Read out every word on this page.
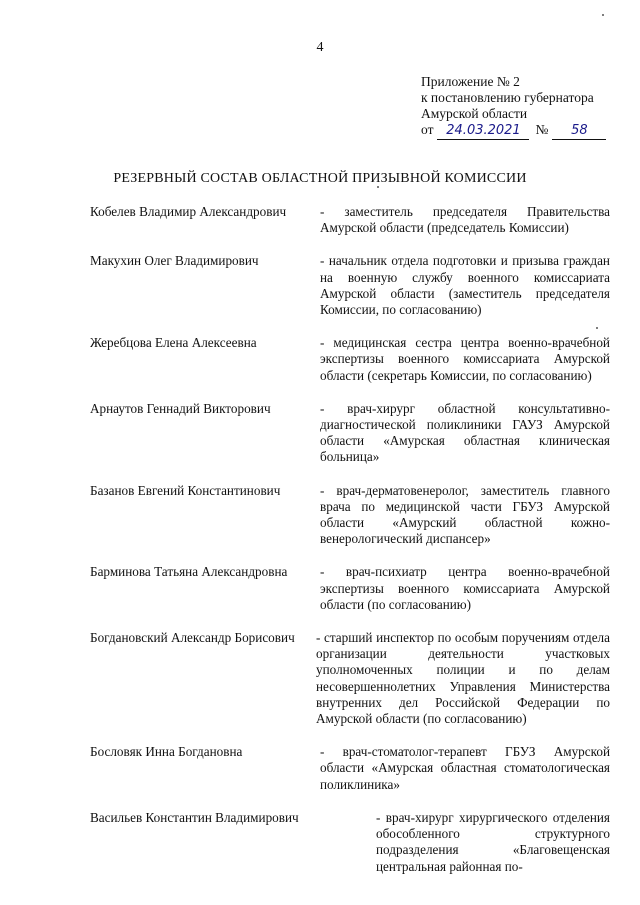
4
Приложение № 2
к постановлению губернатора
Амурской области
от 24.03.2021	№	58
РЕЗЕРВНЫЙ СОСТАВ ОБЛАСТНОЙ ПРИЗЫВНОЙ КОМИССИИ
Кобелев Владимир Александрович	- заместитель председателя Правительства Амурской области (председатель Комиссии)
Макухин Олег Владимирович	- начальник отдела подготовки и призыва граждан на военную службу военного комиссариата Амурской области (заместитель председателя Комиссии, по согласованию)
Жеребцова Елена Алексеевна	- медицинская сестра центра военно-врачебной экспертизы военного комиссариата Амурской области (секретарь Комиссии, по согласованию)
Арнаутов Геннадий Викторович	- врач-хирург областной консультативно-диагностической поликлиники ГАУЗ Амурской области «Амурская областная клиническая больница»
Базанов Евгений Константинович	- врач-дерматовенеролог, заместитель главного врача по медицинской части ГБУЗ Амурской области «Амурский областной кожно-венерологический диспансер»
Барминова Татьяна Александровна	- врач-психиатр центра военно-врачебной экспертизы военного комиссариата Амурской области (по согласованию)
Богдановский Александр Борисович	- старший инспектор по особым поручениям отдела организации деятельности участковых уполномоченных полиции и по делам несовершеннолетних Управления Министерства внутренних дел Российской Федерации по Амурской области (по согласованию)
Бословяк Инна Богдановна	- врач-стоматолог-терапевт ГБУЗ Амурской области «Амурская областная стоматологическая поликлиника»
Васильев Константин Владимирович	- врач-хирург хирургического отделения обособленного структурного подразделения «Благовещенская центральная районная по-
